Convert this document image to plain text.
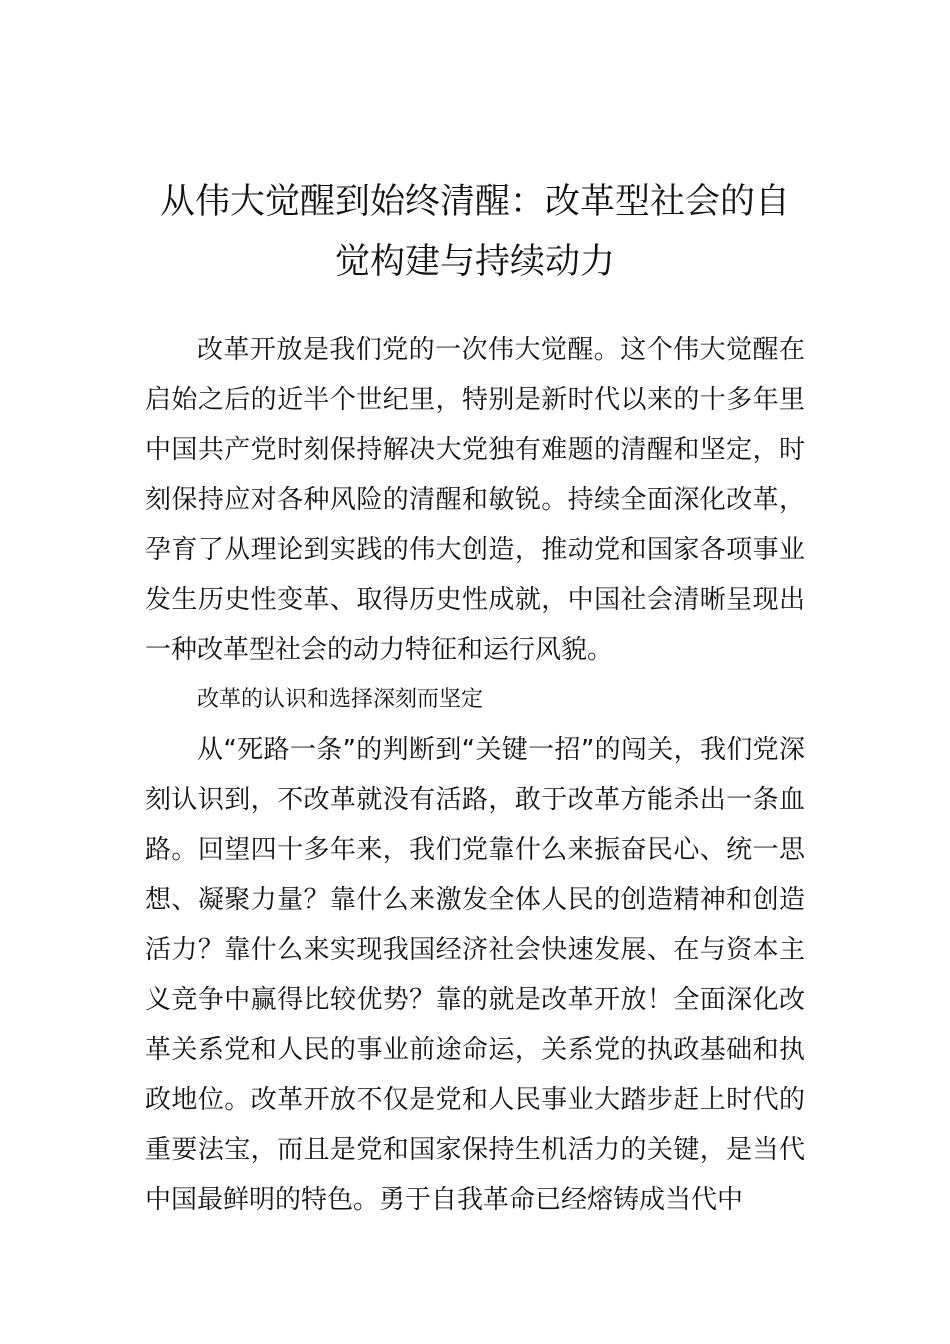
从伟大觉醒到始终清醒：改革型社会的自觉构建与持续动力

改革开放是我们党的一次伟大觉醒。这个伟大觉醒在启始之后的近半个世纪里，特别是新时代以来的十多年里中国共产党时刻保持解决大党独有难题的清醒和坚定，时刻保持应对各种风险的清醒和敏锐。持续全面深化改革，孕育了从理论到实践的伟大创造，推动党和国家各项事业发生历史性变革、取得历史性成就，中国社会清晰呈现出一种改革型社会的动力特征和运行风貌。

改革的认识和选择深刻而坚定

从“死路一条”的判断到“关键一招”的闯关，我们党深刻认识到，不改革就没有活路，敢于改革方能杀出一条血路。回望四十多年来，我们党靠什么来振奋民心、统一思想、凝聚力量？靠什么来激发全体人民的创造精神和创造活力？靠什么来实现我国经济社会快速发展、在与资本主义竞争中赢得比较优势？靠的就是改革开放！全面深化改革关系党和人民的事业前途命运，关系党的执政基础和执政地位。改革开放不仅是党和人民事业大踏步赶上时代的重要法宝，而且是党和国家保持生机活力的关键，是当代中国最鲜明的特色。勇于自我革命已经熔铸成当代中
